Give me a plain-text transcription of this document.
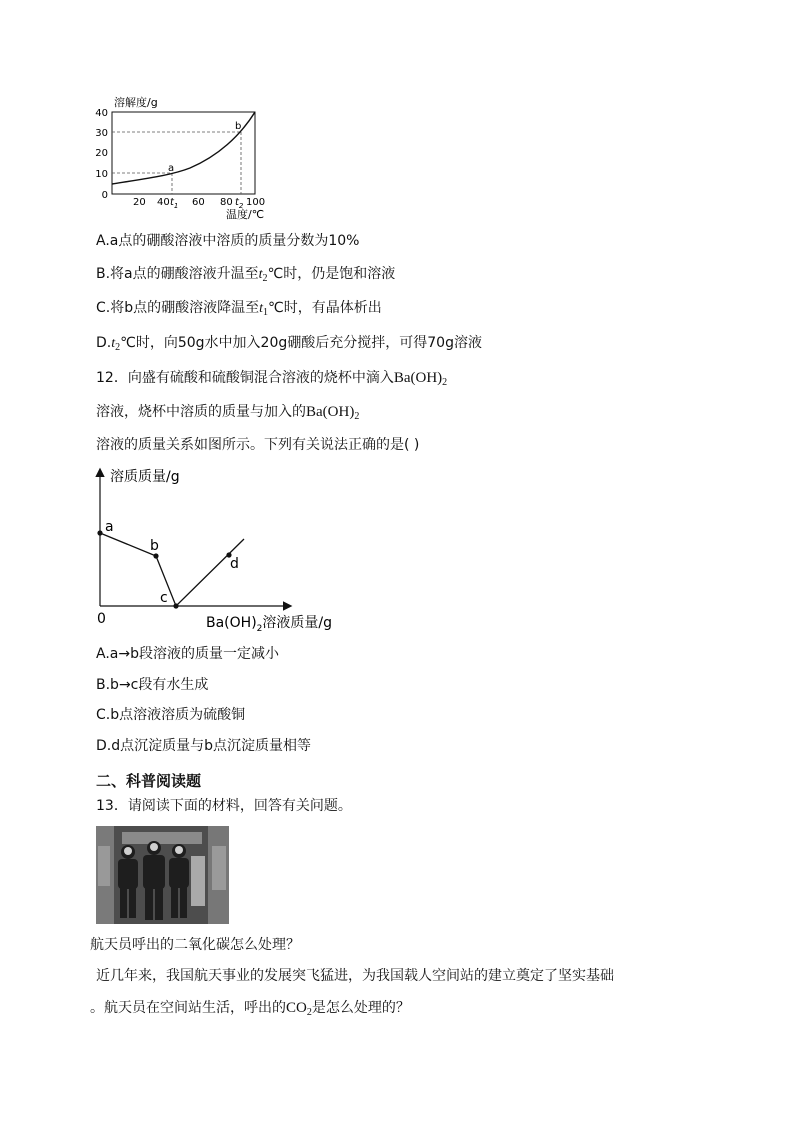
溶解度/g
40
30
20
10
0
a
b
20 40 $t_1$ 60 80 $t_2$ 100
温度/℃
A.a点的硼酸溶液中溶质的质量分数为10%
B.将a点的硼酸溶液升温至$t_2℃$时，仍是饱和溶液
C.将b点的硼酸溶液降温至$t_1℃$时，有晶体析出
$D.t_2℃$时，向50g水中加入20g硼酸后充分搅拌，可得70g溶液
12．向盛有硫酸和硫酸铜混合溶液的烧杯中滴入$Ba(OH)_2$
溶液，烧杯中溶质的质量与加入的$Ba(OH)_2$
溶液的质量关系如图所示。下列有关说法正确的是( )
溶质质量/g
a
b
c
d
0	$Ba(OH)_2$溶液质量/g
A.a→b段溶液的质量一定减小
B.b→c段有水生成
C.b点溶液溶质为硫酸铜
D.d点沉淀质量与b点沉淀质量相等
二、科普阅读题
13．请阅读下面的材料，回答有关问题。
航天员呼出的二氧化碳怎么处理？
近几年来，我国航天事业的发展突飞猛进，为我国载人空间站的建立奠定了坚实基础
。航天员在空间站生活，呼出的$CO_2$是怎么处理的？
